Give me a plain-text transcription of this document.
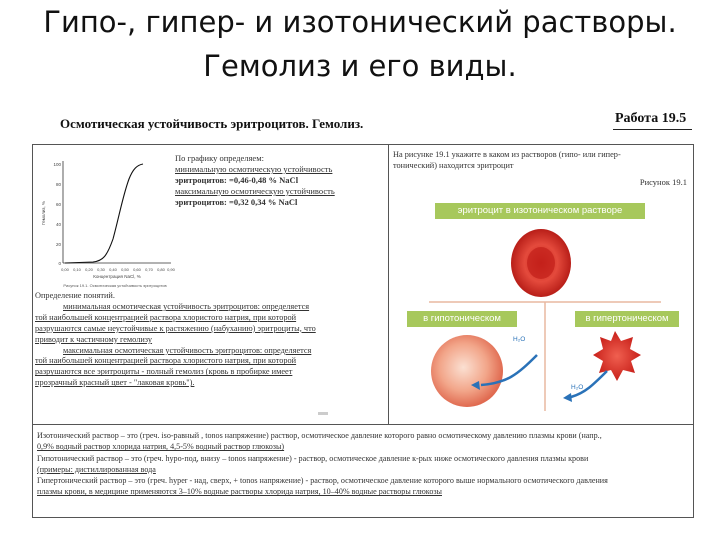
Гипо-, гипер- и изотонический растворы.
Гемолиз и его виды.
Осмотическая устойчивость эритроцитов. Гемолиз.	Работа 19.5
100
80
60
40
20
0
0,00 0,10 0,20 0,30 0,40 0,50 0,60 0,70 0,80 0,90
Гемолиз, %
Концентрация NaCl, %
Рисунок 19.1. Осмотическая устойчивость эритроцитов
По графику определяем:
минимальную осмотическую устойчивость
эритроцитов: =0,46-0,48 % NaCl
максимальную осмотическую устойчивость
эритроцитов: =0,32 0,34 % NaCl
Определение понятий.
минимальная осмотическая устойчивость эритроцитов: определяется
той наибольшей концентрацией раствора хлористого натрия, при которой
разрушаются самые неустойчивые к растяжению (набуханию) эритроциты, что
приводит к частичному гемолизу
максимальная осмотическая устойчивость эритроцитов: определяется
той наибольшей концентрацией раствора хлористого натрия, при которой
разрушаются все эритроциты - полный гемолиз (кровь в пробирке имеет
прозрачный красный цвет - "лаковая кровь").
На рисунке 19.1 укажите в каком из растворов (гипо- или гипер-
тонический) находится эритроцит
Рисунок 19.1
эритроцит в изотоническом растворе
H₂O
H₂O
в гипотоническом	в гипертоническом
Изотонический раствор – это (греч. iso-равный , tonos напряжение) раствор, осмотическое давление которого равно осмотическому давлению плазмы крови (напр.,
0,9% водный раствор хлорида натрия, 4,5-5% водный раствор глюкозы)
Гипотонический раствор – это (греч. hypo-под, внизу – tonos напряжение) - раствор, осмотическое давление к-рых ниже осмотического давления плазмы крови
(примеры: дистиллированная вода
Гипертонический раствор – это (греч. hyper - над, сверх, + tonos напряжение) - раствор, осмотическое давление которого выше нормального осмотического давления
плазмы крови, в медицине применяются 3–10% водные растворы хлорида натрия, 10–40% водные растворы глюкозы
